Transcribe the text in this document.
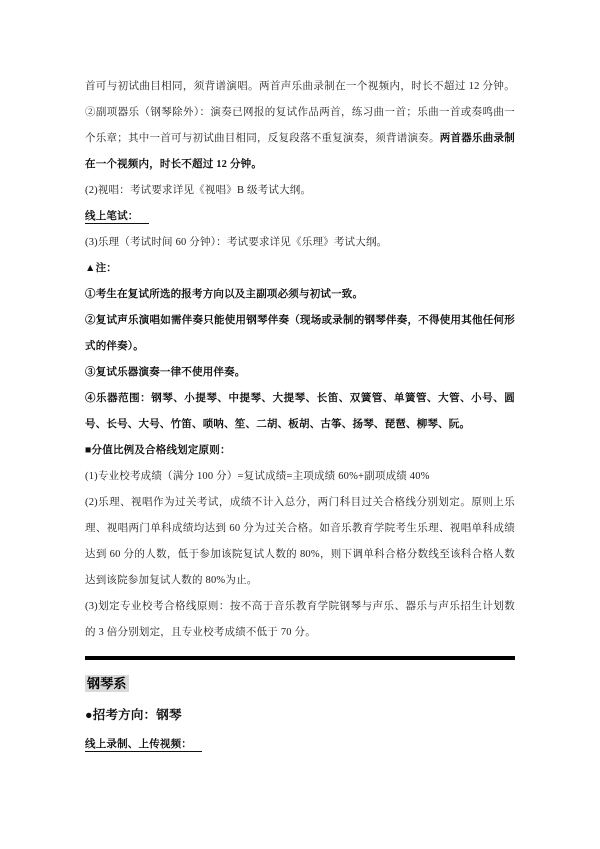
首可与初试曲目相同，须背谱演唱。两首声乐曲录制在一个视频内，时长不超过 12 分钟。

②副项器乐（钢琴除外）：演奏已网报的复试作品两首，练习曲一首；乐曲一首或奏鸣曲一个乐章；其中一首可与初试曲目相同，反复段落不重复演奏，须背谱演奏。两首器乐曲录制在一个视频内，时长不超过 12 分钟。

(2)视唱：考试要求详见《视唱》B 级考试大纲。

线上笔试：

(3)乐理（考试时间 60 分钟）：考试要求详见《乐理》考试大纲。

▲注：

①考生在复试所选的报考方向以及主副项必须与初试一致。

②复试声乐演唱如需伴奏只能使用钢琴伴奏（现场或录制的钢琴伴奏，不得使用其他任何形式的伴奏）。

③复试乐器演奏一律不使用伴奏。

④乐器范围：钢琴、小提琴、中提琴、大提琴、长笛、双簧管、单簧管、大管、小号、圆号、长号、大号、竹笛、唢呐、笙、二胡、板胡、古筝、扬琴、琵琶、柳琴、阮。

■分值比例及合格线划定原则：

(1)专业校考成绩（满分 100 分）=复试成绩=主项成绩 60%+副项成绩 40%

(2)乐理、视唱作为过关考试，成绩不计入总分，两门科目过关合格线分别划定。原则上乐理、视唱两门单科成绩均达到 60 分为过关合格。如音乐教育学院考生乐理、视唱单科成绩达到 60 分的人数，低于参加该院复试人数的 80%，则下调单科合格分数线至该科合格人数达到该院参加复试人数的 80%为止。

(3)划定专业校考合格线原则：按不高于音乐教育学院钢琴与声乐、器乐与声乐招生计划数的 3 倍分别划定，且专业校考成绩不低于 70 分。

钢琴系

●招考方向：钢琴

线上录制、上传视频：
